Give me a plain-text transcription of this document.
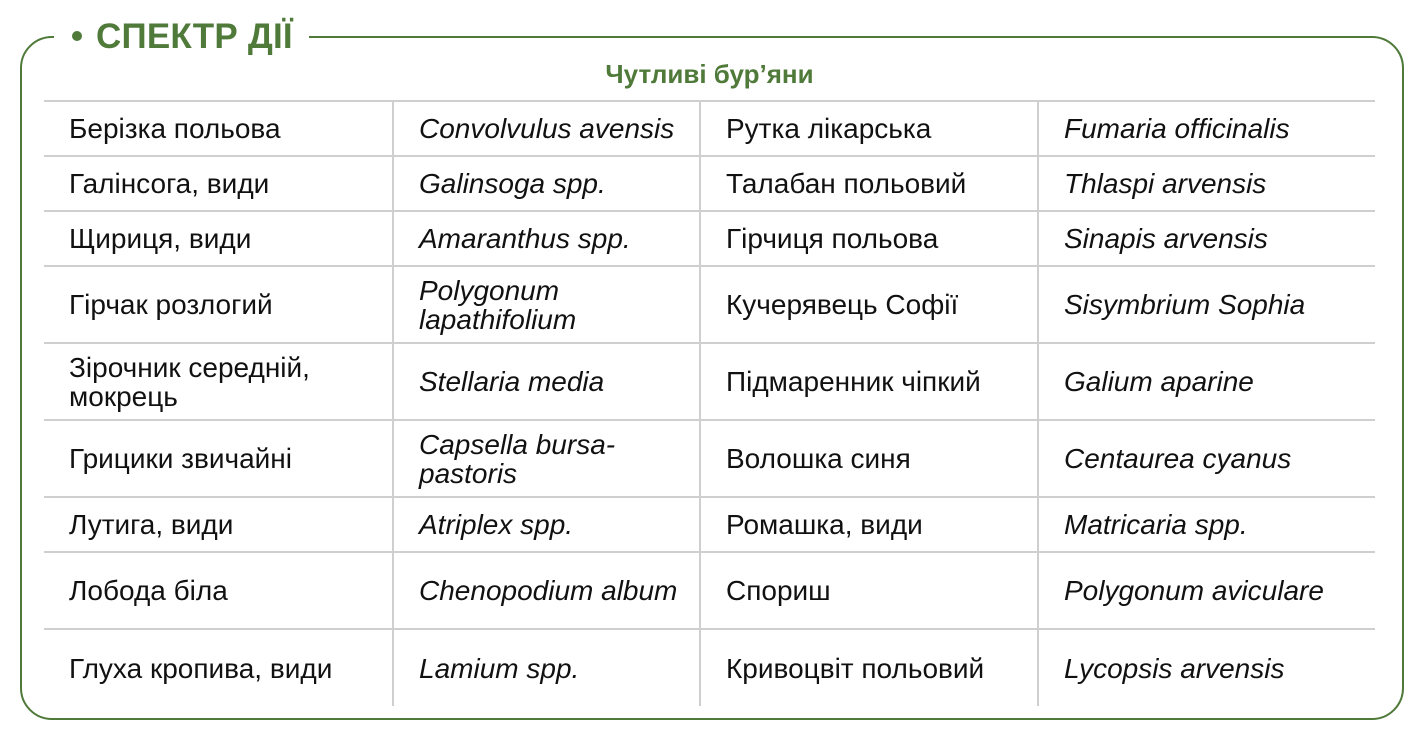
СПЕКТР ДІЇ
Чутливі бур’яни
Берізка польова	Convolvulus avensis	Рутка лікарська	Fumaria officinalis
Галінсога, види	Galinsoga spp.	Талабан польовий	Thlaspi arvensis
Щириця, види	Amaranthus spp.	Гірчиця польова	Sinapis arvensis
Гірчак розлогий	Polygonum lapathifolium	Кучерявець Софії	Sisymbrium Sophia
Зірочник середній, мокрець	Stellaria media	Підмаренник чіпкий	Galium aparine
Грицики звичайні	Capsella bursa-pastoris	Волошка синя	Centaurea cyanus
Лутига, види	Atriplex spp.	Ромашка, види	Matricaria spp.
Лобода біла	Chenopodium album	Спориш	Polygonum aviculare
Глуха кропива, види	Lamium spp.	Кривоцвіт польовий	Lycopsis arvensis
